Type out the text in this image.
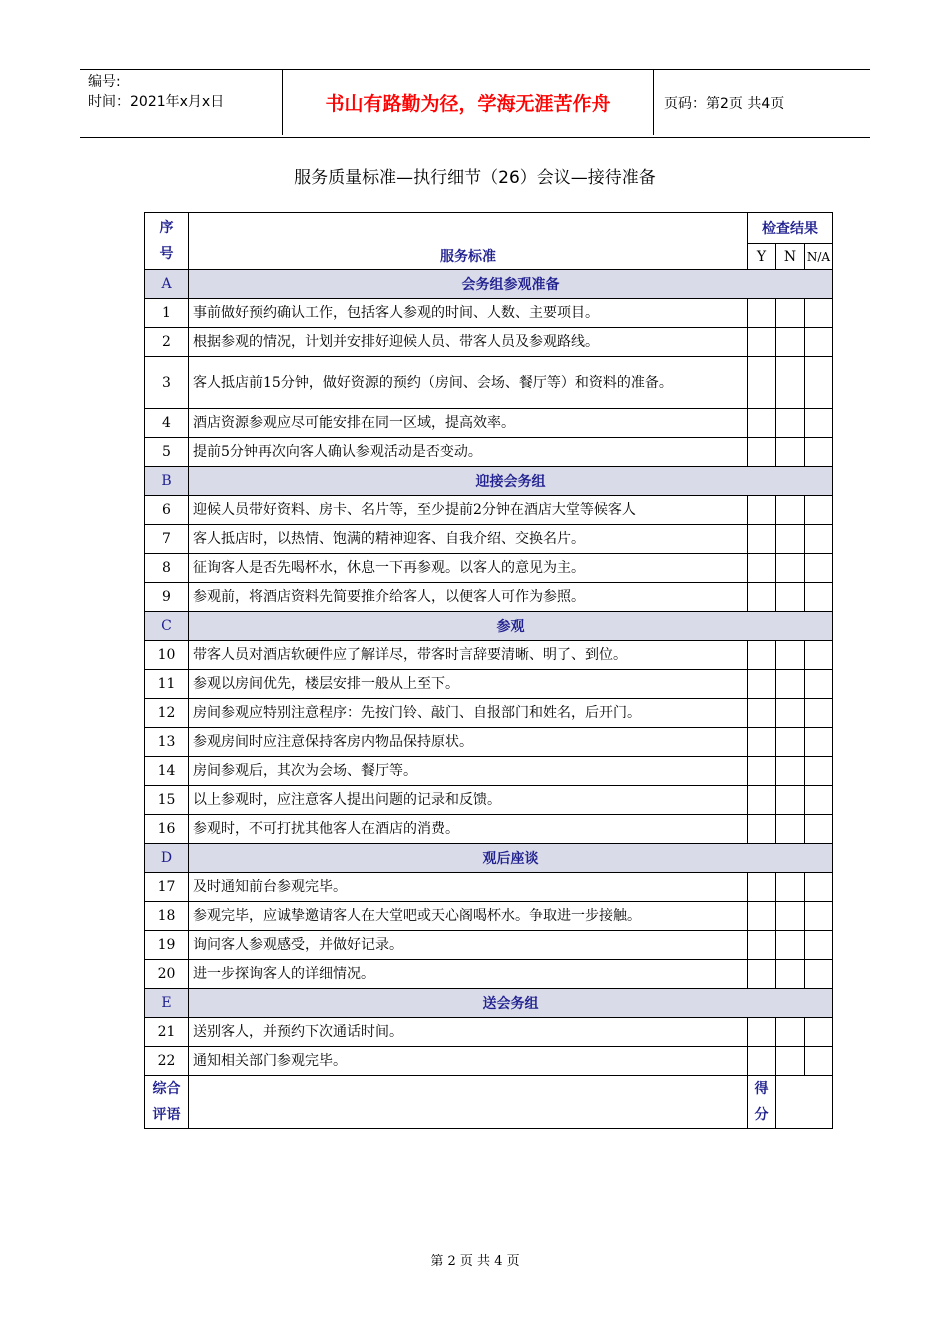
编号:
时间：2021年x月x日	书山有路勤为径，学海无涯苦作舟	页码：第2页 共4页
服务质量标准—执行细节（26）会议—接待准备
序号	服务标准	检查结果		
		Y	N	N/A
A	会务组参观准备			
1	事前做好预约确认工作，包括客人参观的时间、人数、主要项目。			
2	根据参观的情况，计划并安排好迎候人员、带客人员及参观路线。			
3	客人抵店前15分钟，做好资源的预约（房间、会场、餐厅等）和资料的准备。			
4	酒店资源参观应尽可能安排在同一区域，提高效率。			
5	提前5分钟再次向客人确认参观活动是否变动。			
B	迎接会务组			
6	迎候人员带好资料、房卡、名片等，至少提前2分钟在酒店大堂等候客人			
7	客人抵店时，以热情、饱满的精神迎客、自我介绍、交换名片。			
8	征询客人是否先喝杯水，休息一下再参观。以客人的意见为主。			
9	参观前，将酒店资料先简要推介给客人，以便客人可作为参照。			
C	参观			
10	带客人员对酒店软硬件应了解详尽，带客时言辞要清晰、明了、到位。			
11	参观以房间优先，楼层安排一般从上至下。			
12	房间参观应特别注意程序：先按门铃、敲门、自报部门和姓名，后开门。			
13	参观房间时应注意保持客房内物品保持原状。			
14	房间参观后，其次为会场、餐厅等。			
15	以上参观时，应注意客人提出问题的记录和反馈。			
16	参观时，不可打扰其他客人在酒店的消费。			
D	观后座谈			
17	及时通知前台参观完毕。			
18	参观完毕，应诚挚邀请客人在大堂吧或天心阁喝杯水。争取进一步接触。			
19	询问客人参观感受，并做好记录。			
20	进一步探询客人的详细情况。			
E	送会务组			
21	送别客人，并预约下次通话时间。			
22	通知相关部门参观完毕。			
综合评语		得分		
第 2 页 共 4 页
